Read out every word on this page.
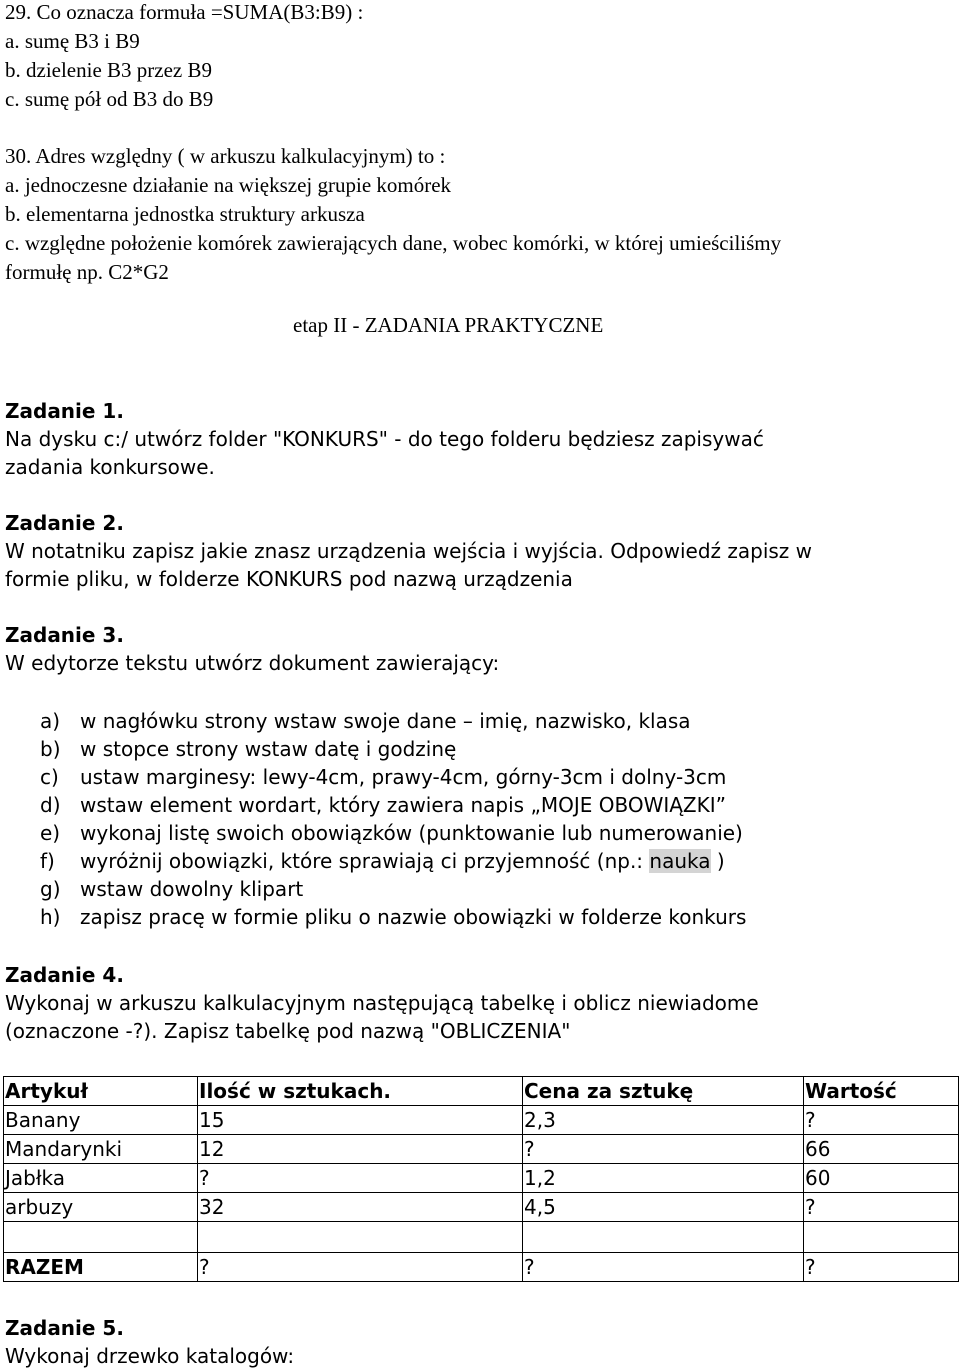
29. Co oznacza formuła =SUMA(B3:B9) :
a. sumę B3 i B9
b. dzielenie B3 przez B9
c. sumę pół od B3 do B9
30. Adres względny ( w arkuszu kalkulacyjnym) to :
a. jednoczesne działanie na większej grupie komórek
b. elementarna jednostka struktury arkusza
c. względne położenie komórek zawierających dane, wobec komórki, w której umieściliśmy
formułę np. C2*G2
etap II - ZADANIA PRAKTYCZNE
Zadanie 1.
Na dysku c:/ utwórz folder "KONKURS" - do tego folderu będziesz zapisywać
zadania konkursowe.
Zadanie 2.
W notatniku zapisz jakie znasz urządzenia wejścia i wyjścia. Odpowiedź zapisz w
formie pliku, w folderze KONKURS pod nazwą urządzenia
Zadanie 3.
W edytorze tekstu utwórz dokument zawierający:
a) w nagłówku strony wstaw swoje dane – imię, nazwisko, klasa
b) w stopce strony wstaw datę i godzinę
c)	ustaw marginesy: lewy-4cm, prawy-4cm, górny-3cm i dolny-3cm
d) wstaw element wordart, który zawiera napis „MOJE OBOWIĄZKI”
e) wykonaj listę swoich obowiązków (punktowanie lub numerowanie)
f)	wyróżnij obowiązki, które sprawiają ci przyjemność (np.: nauka )
g) wstaw dowolny klipart
h) zapisz pracę w formie pliku o nazwie obowiązki w folderze konkurs
Zadanie 4.
Wykonaj w arkuszu kalkulacyjnym następującą tabelkę i oblicz niewiadome
(oznaczone -?). Zapisz tabelkę pod nazwą "OBLICZENIA"
Artykuł	Ilość w sztukach.	Cena za sztukę	Wartość
Banany	15	2,3	?
Mandarynki	12	?	66
Jabłka	?	1,2	60
arbuzy	32	4,5	?

RAZEM	?	?	?
Zadanie 5.
Wykonaj drzewko katalogów:
